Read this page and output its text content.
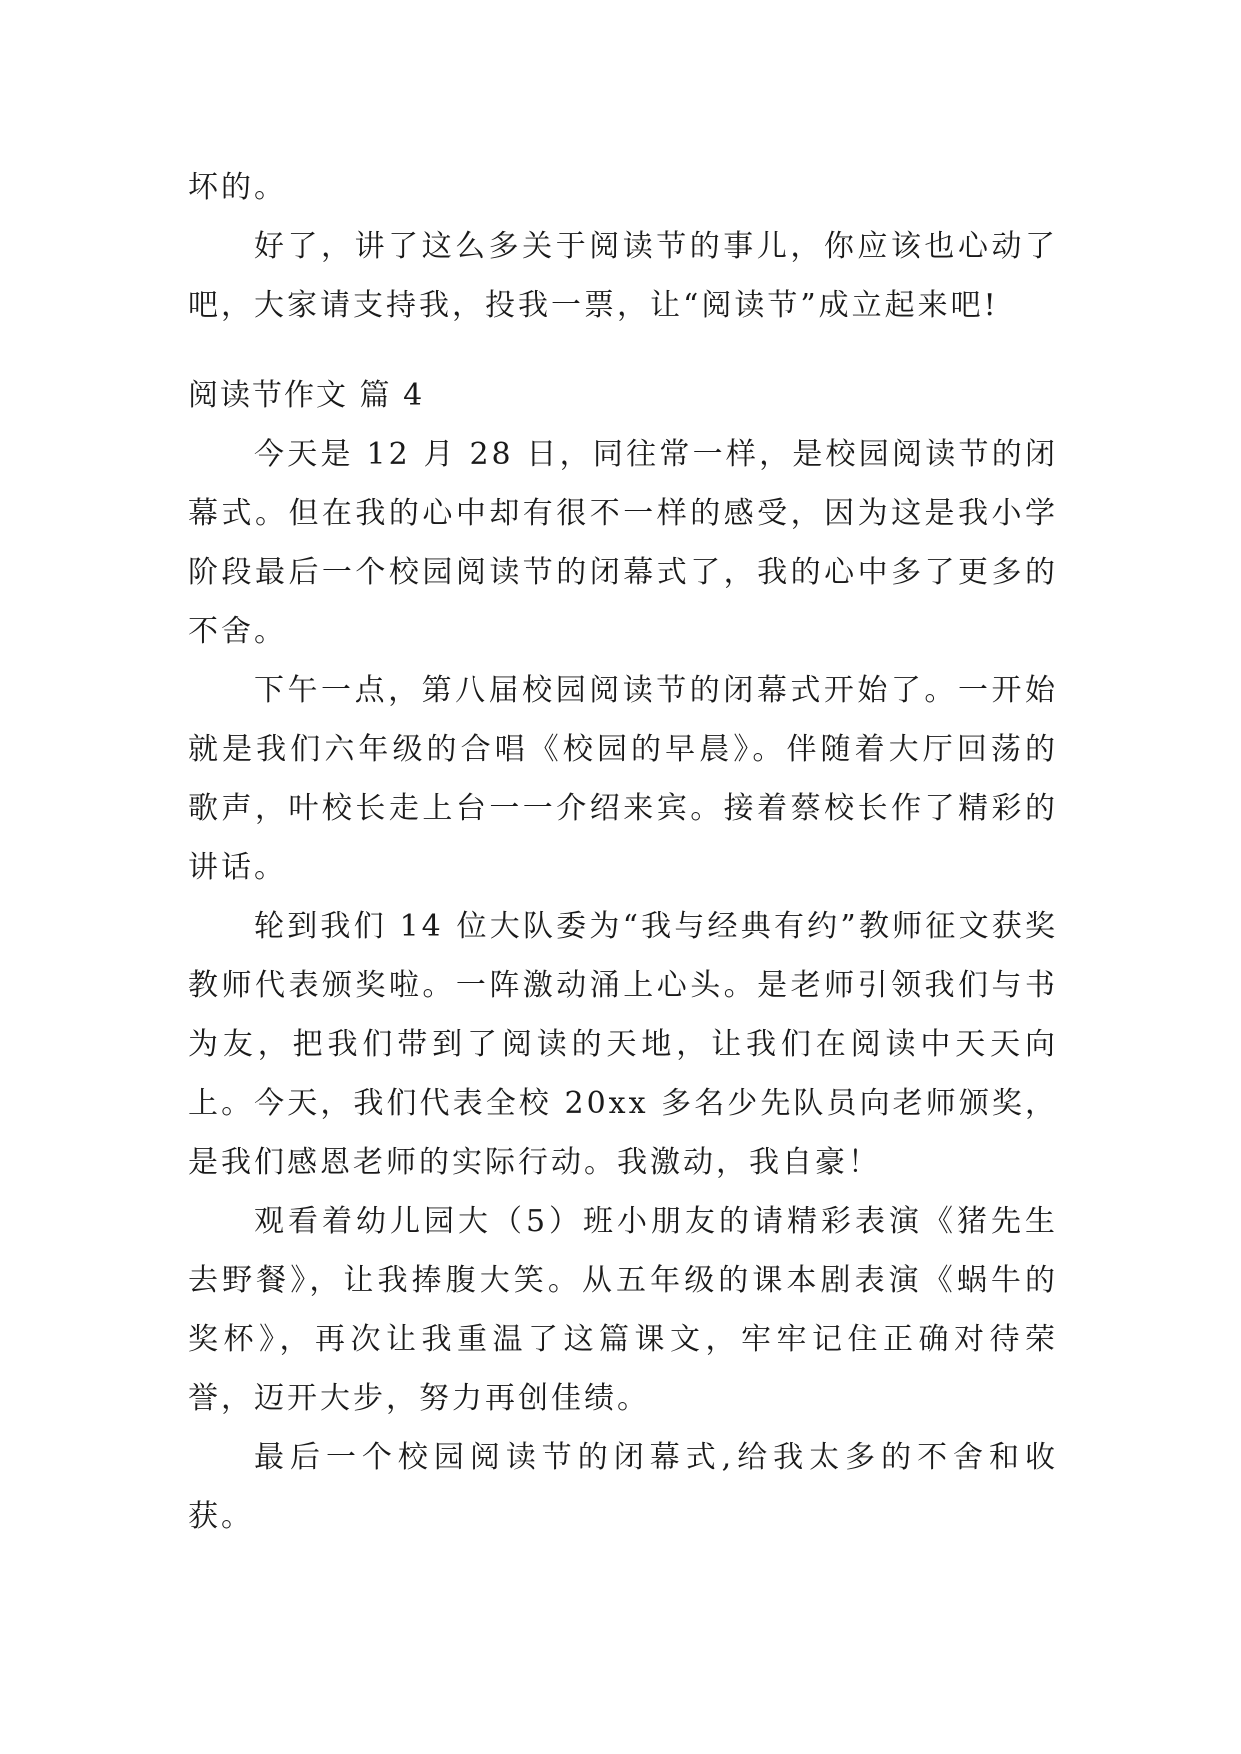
坏的。

好了，讲了这么多关于阅读节的事儿，你应该也心动了吧，大家请支持我，投我一票，让“阅读节”成立起来吧!

阅读节作文 篇 4

今天是 12 月 28 日，同往常一样，是校园阅读节的闭幕式。但在我的心中却有很不一样的感受，因为这是我小学阶段最后一个校园阅读节的闭幕式了，我的心中多了更多的不舍。

下午一点，第八届校园阅读节的闭幕式开始了。一开始就是我们六年级的合唱《校园的早晨》。伴随着大厅回荡的歌声，叶校长走上台一一介绍来宾。接着蔡校长作了精彩的讲话。

轮到我们 14 位大队委为“我与经典有约”教师征文获奖教师代表颁奖啦。一阵激动涌上心头。是老师引领我们与书为友，把我们带到了阅读的天地，让我们在阅读中天天向上。今天，我们代表全校 20xx 多名少先队员向老师颁奖，是我们感恩老师的实际行动。我激动，我自豪！

观看着幼儿园大（5）班小朋友的请精彩表演《猪先生去野餐》，让我捧腹大笑。从五年级的课本剧表演《蜗牛的奖杯》，再次让我重温了这篇课文，牢牢记住正确对待荣誉，迈开大步，努力再创佳绩。

最后一个校园阅读节的闭幕式,给我太多的不舍和收获。
